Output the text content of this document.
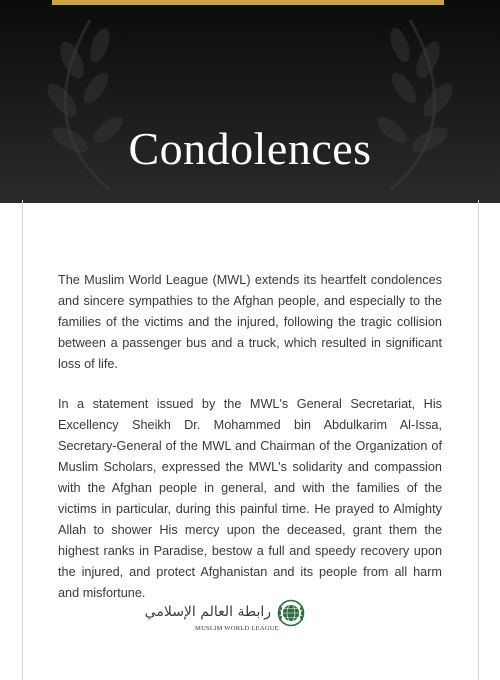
Condolences

The Muslim World League (MWL) extends its heartfelt condolences and sincere sympathies to the Afghan people, and especially to the families of the victims and the injured, following the tragic collision between a passenger bus and a truck, which resulted in significant loss of life.

In a statement issued by the MWL's General Secretariat, His Excellency Sheikh Dr. Mohammed bin Abdulkarim Al-Issa, Secretary-General of the MWL and Chairman of the Organization of Muslim Scholars, expressed the MWL's solidarity and compassion with the Afghan people in general, and with the families of the victims in particular, during this painful time. He prayed to Almighty Allah to shower His mercy upon the deceased, grant them the highest ranks in Paradise, bestow a full and speedy recovery upon the injured, and protect Afghanistan and its people from all harm and misfortune.

رابطة العالم الإسلامي
MUSLIM WORLD LEAGUE
